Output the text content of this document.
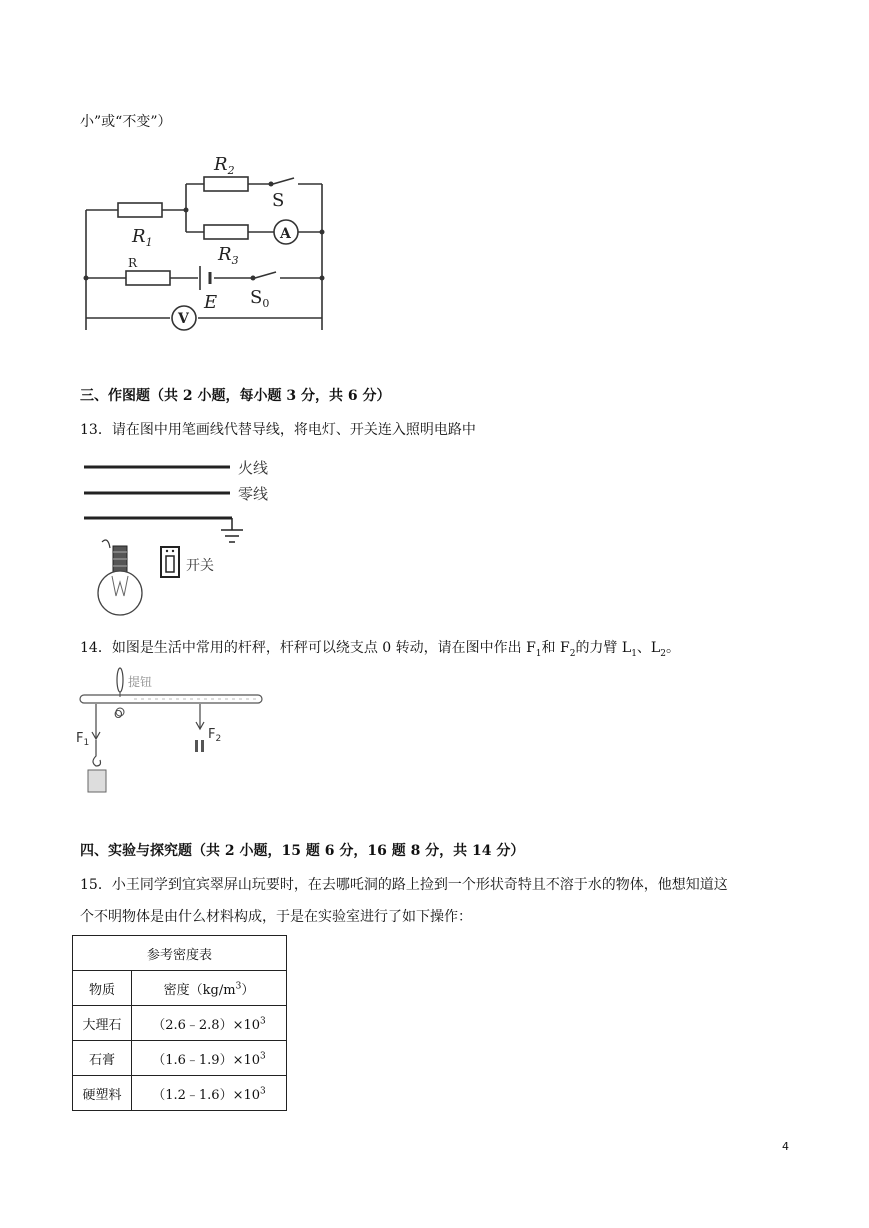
小”或“不变”）
$R_2$
S
$R_1$
A
$R_3$
R
E $S_0$
V
三、作图题（共 2 小题，每小题 3 分，共 6 分）
13．请在图中用笔画线代替导线，将电灯、开关连入照明电路中
火线
零线
开关
14．如图是生活中常用的杆秤，杆秤可以绕支点 0 转动，请在图中作出 $F_1$和 $F_2$的力臂 $L_1$、$L_2$。
提钮
O
$F_1$
$F_2$
四、实验与探究题（共 2 小题，15 题 6 分，16 题 8 分，共 14 分）
15．小王同学到宜宾翠屏山玩要时，在去哪吒洞的路上捡到一个形状奇特且不溶于水的物体，他想知道这
个不明物体是由什么材料构成，于是在实验室进行了如下操作：
参考密度表	
物质	密度$(kg/m^3)$
大理石	$(2.6﹣2.8)\times 10^3$
石膏	$(1.6﹣1.9)\times 10^3$
硬塑料	$(1.2﹣1.6)\times 10^3$
4
